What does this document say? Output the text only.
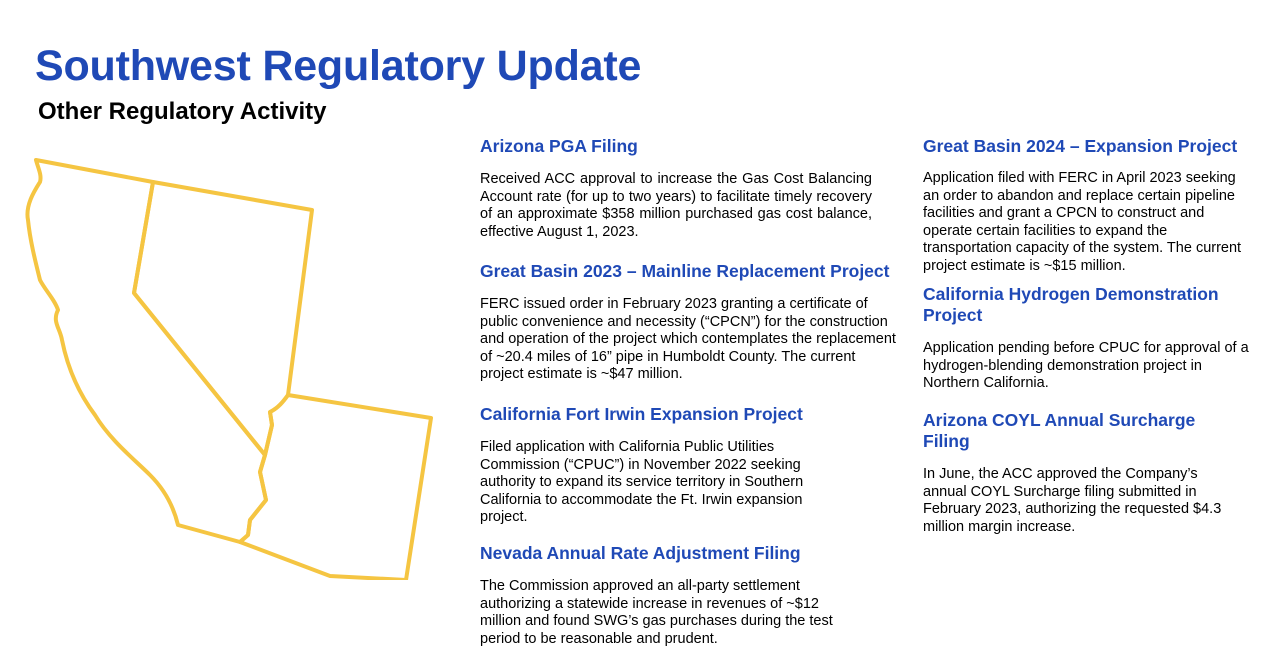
Southwest Regulatory Update
Other Regulatory Activity
Arizona PGA Filing

Received ACC approval to increase the Gas Cost Balancing Account rate (for up to two years) to facilitate timely recovery of an approximate $358 million purchased gas cost balance, effective August 1, 2023.

Great Basin 2023 – Mainline Replacement Project

FERC issued order in February 2023 granting a certificate of public convenience and necessity (“CPCN”) for the construction and operation of the project which contemplates the replacement of ~20.4 miles of 16” pipe in Humboldt County. The current project estimate is ~$47 million.

California Fort Irwin Expansion Project

Filed application with California Public Utilities Commission (“CPUC”) in November 2022 seeking authority to expand its service territory in Southern California to accommodate the Ft. Irwin expansion project.

Nevada Annual Rate Adjustment Filing

The Commission approved an all-party settlement authorizing a statewide increase in revenues of ~$12 million and found SWG’s gas purchases during the test period to be reasonable and prudent.

Great Basin 2024 – Expansion Project

Application filed with FERC in April 2023 seeking an order to abandon and replace certain pipeline facilities and grant a CPCN to construct and operate certain facilities to expand the transportation capacity of the system. The current project estimate is ~$15 million.

California Hydrogen Demonstration Project

Application pending before CPUC for approval of a hydrogen-blending demonstration project in Northern California.

Arizona COYL Annual Surcharge Filing

In June, the ACC approved the Company’s annual COYL Surcharge filing submitted in February 2023, authorizing the requested $4.3 million margin increase.
